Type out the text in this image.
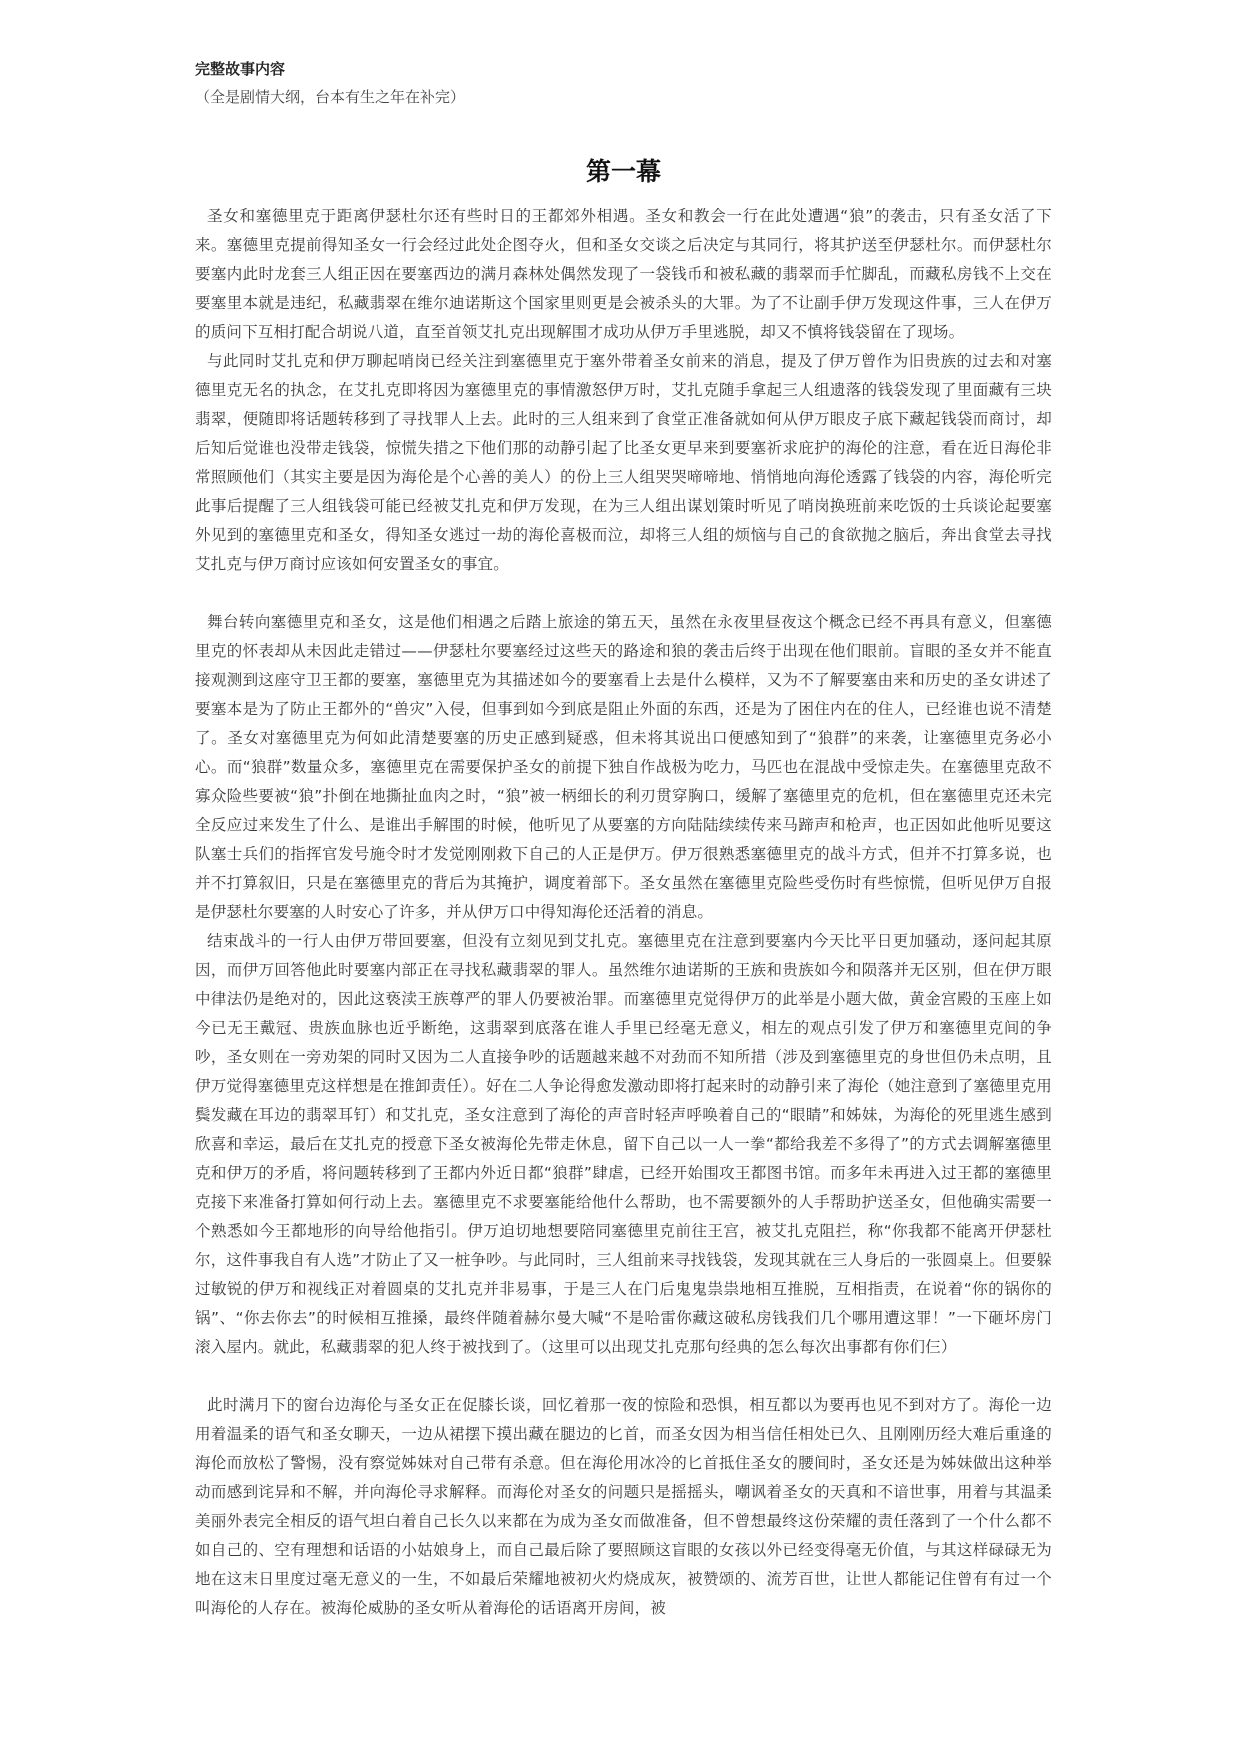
完整故事内容
（全是剧情大纲，台本有生之年在补完）
第一幕

圣女和塞德里克于距离伊瑟杜尔还有些时日的王都郊外相遇。圣女和教会一行在此处遭遇“狼”的袭击，只有圣女活了下来。塞德里克提前得知圣女一行会经过此处企图夺火，但和圣女交谈之后决定与其同行，将其护送至伊瑟杜尔。而伊瑟杜尔要塞内此时龙套三人组正因在要塞西边的满月森林处偶然发现了一袋钱币和被私藏的翡翠而手忙脚乱，而藏私房钱不上交在要塞里本就是违纪，私藏翡翠在维尔迪诺斯这个国家里则更是会被杀头的大罪。为了不让副手伊万发现这件事，三人在伊万的质问下互相打配合胡说八道，直至首领艾扎克出现解围才成功从伊万手里逃脱，却又不慎将钱袋留在了现场。

与此同时艾扎克和伊万聊起哨岗已经关注到塞德里克于塞外带着圣女前来的消息，提及了伊万曾作为旧贵族的过去和对塞德里克无名的执念，在艾扎克即将因为塞德里克的事情激怒伊万时，艾扎克随手拿起三人组遗落的钱袋发现了里面藏有三块翡翠，便随即将话题转移到了寻找罪人上去。此时的三人组来到了食堂正准备就如何从伊万眼皮子底下藏起钱袋而商讨，却后知后觉谁也没带走钱袋，惊慌失措之下他们那的动静引起了比圣女更早来到要塞祈求庇护的海伦的注意，看在近日海伦非常照顾他们（其实主要是因为海伦是个心善的美人）的份上三人组哭哭啼啼地、悄悄地向海伦透露了钱袋的内容，海伦听完此事后提醒了三人组钱袋可能已经被艾扎克和伊万发现，在为三人组出谋划策时听见了哨岗换班前来吃饭的士兵谈论起要塞外见到的塞德里克和圣女，得知圣女逃过一劫的海伦喜极而泣，却将三人组的烦恼与自己的食欲抛之脑后，奔出食堂去寻找艾扎克与伊万商讨应该如何安置圣女的事宜。

舞台转向塞德里克和圣女，这是他们相遇之后踏上旅途的第五天，虽然在永夜里昼夜这个概念已经不再具有意义，但塞德里克的怀表却从未因此走错过——伊瑟杜尔要塞经过这些天的路途和狼的袭击后终于出现在他们眼前。盲眼的圣女并不能直接观测到这座守卫王都的要塞，塞德里克为其描述如今的要塞看上去是什么模样，又为不了解要塞由来和历史的圣女讲述了要塞本是为了防止王都外的“兽灾”入侵，但事到如今到底是阻止外面的东西，还是为了困住内在的住人，已经谁也说不清楚了。圣女对塞德里克为何如此清楚要塞的历史正感到疑惑，但未将其说出口便感知到了“狼群”的来袭，让塞德里克务必小心。而“狼群”数量众多，塞德里克在需要保护圣女的前提下独自作战极为吃力，马匹也在混战中受惊走失。在塞德里克敌不寡众险些要被“狼”扑倒在地撕扯血肉之时，“狼”被一柄细长的利刃贯穿胸口，缓解了塞德里克的危机，但在塞德里克还未完全反应过来发生了什么、是谁出手解围的时候，他听见了从要塞的方向陆陆续续传来马蹄声和枪声，也正因如此他听见要这队塞士兵们的指挥官发号施令时才发觉刚刚救下自己的人正是伊万。伊万很熟悉塞德里克的战斗方式，但并不打算多说，也并不打算叙旧，只是在塞德里克的背后为其掩护，调度着部下。圣女虽然在塞德里克险些受伤时有些惊慌，但听见伊万自报是伊瑟杜尔要塞的人时安心了许多，并从伊万口中得知海伦还活着的消息。

结束战斗的一行人由伊万带回要塞，但没有立刻见到艾扎克。塞德里克在注意到要塞内今天比平日更加骚动，逐问起其原因，而伊万回答他此时要塞内部正在寻找私藏翡翠的罪人。虽然维尔迪诺斯的王族和贵族如今和陨落并无区别，但在伊万眼中律法仍是绝对的，因此这亵渎王族尊严的罪人仍要被治罪。而塞德里克觉得伊万的此举是小题大做，黄金宫殿的玉座上如今已无王戴冠、贵族血脉也近乎断绝，这翡翠到底落在谁人手里已经毫无意义，相左的观点引发了伊万和塞德里克间的争吵，圣女则在一旁劝架的同时又因为二人直接争吵的话题越来越不对劲而不知所措（涉及到塞德里克的身世但仍未点明，且伊万觉得塞德里克这样想是在推卸责任）。好在二人争论得愈发激动即将打起来时的动静引来了海伦（她注意到了塞德里克用鬓发藏在耳边的翡翠耳钉）和艾扎克，圣女注意到了海伦的声音时轻声呼唤着自己的“眼睛”和姊妹，为海伦的死里逃生感到欣喜和幸运，最后在艾扎克的授意下圣女被海伦先带走休息，留下自己以一人一拳“都给我差不多得了”的方式去调解塞德里克和伊万的矛盾，将问题转移到了王都内外近日都“狼群”肆虐，已经开始围攻王都图书馆。而多年未再进入过王都的塞德里克接下来准备打算如何行动上去。塞德里克不求要塞能给他什么帮助，也不需要额外的人手帮助护送圣女，但他确实需要一个熟悉如今王都地形的向导给他指引。伊万迫切地想要陪同塞德里克前往王宫，被艾扎克阻拦，称“你我都不能离开伊瑟杜尔，这件事我自有人选”才防止了又一桩争吵。与此同时，三人组前来寻找钱袋，发现其就在三人身后的一张圆桌上。但要躲过敏锐的伊万和视线正对着圆桌的艾扎克并非易事，于是三人在门后鬼鬼祟祟地相互推脱，互相指责，在说着“你的锅你的锅”、“你去你去”的时候相互推搡，最终伴随着赫尔曼大喊“不是哈雷你藏这破私房钱我们几个哪用遭这罪！”一下砸坏房门滚入屋内。就此，私藏翡翠的犯人终于被找到了。（这里可以出现艾扎克那句经典的怎么每次出事都有你们仨）

此时满月下的窗台边海伦与圣女正在促膝长谈，回忆着那一夜的惊险和恐惧，相互都以为要再也见不到对方了。海伦一边用着温柔的语气和圣女聊天，一边从裙摆下摸出藏在腿边的匕首，而圣女因为相当信任相处已久、且刚刚历经大难后重逢的海伦而放松了警惕，没有察觉姊妹对自己带有杀意。但在海伦用冰冷的匕首抵住圣女的腰间时，圣女还是为姊妹做出这种举动而感到诧异和不解，并向海伦寻求解释。而海伦对圣女的问题只是摇摇头，嘲讽着圣女的天真和不谙世事，用着与其温柔美丽外表完全相反的语气坦白着自己长久以来都在为成为圣女而做准备，但不曾想最终这份荣耀的责任落到了一个什么都不如自己的、空有理想和话语的小姑娘身上，而自己最后除了要照顾这盲眼的女孩以外已经变得毫无价值，与其这样碌碌无为地在这末日里度过毫无意义的一生，不如最后荣耀地被初火灼烧成灰，被赞颂的、流芳百世，让世人都能记住曾有有过一个叫海伦的人存在。被海伦威胁的圣女听从着海伦的话语离开房间，被
